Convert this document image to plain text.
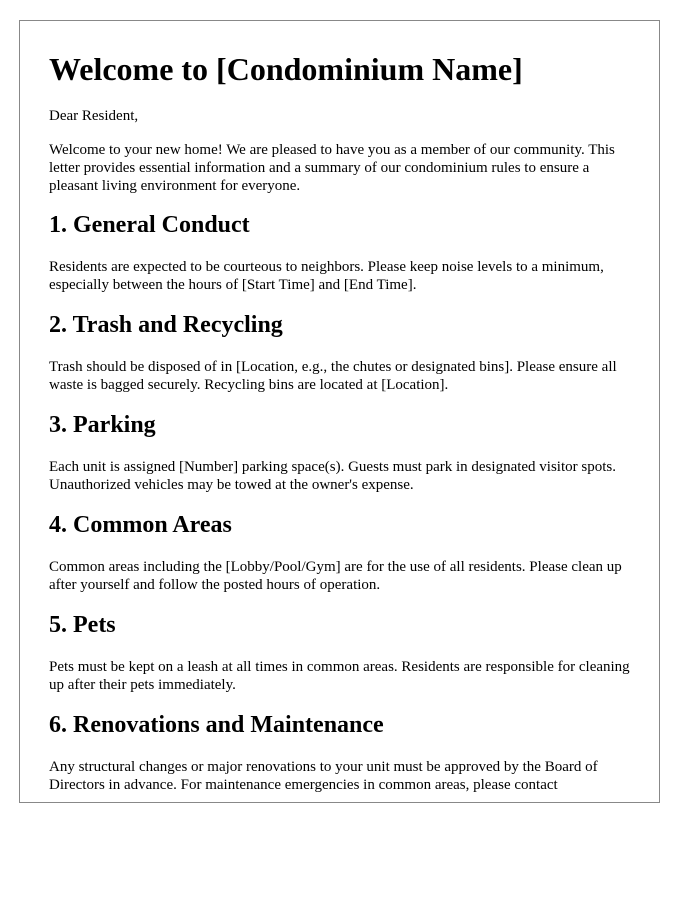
Welcome to [Condominium Name]

Dear Resident,

Welcome to your new home! We are pleased to have you as a member of our community. This letter provides essential information and a summary of our condominium rules to ensure a pleasant living environment for everyone.

1. General Conduct

Residents are expected to be courteous to neighbors. Please keep noise levels to a minimum, especially between the hours of [Start Time] and [End Time].

2. Trash and Recycling

Trash should be disposed of in [Location, e.g., the chutes or designated bins]. Please ensure all waste is bagged securely. Recycling bins are located at [Location].

3. Parking

Each unit is assigned [Number] parking space(s). Guests must park in designated visitor spots. Unauthorized vehicles may be towed at the owner's expense.

4. Common Areas

Common areas including the [Lobby/Pool/Gym] are for the use of all residents. Please clean up after yourself and follow the posted hours of operation.

5. Pets

Pets must be kept on a leash at all times in common areas. Residents are responsible for cleaning up after their pets immediately.

6. Renovations and Maintenance

Any structural changes or major renovations to your unit must be approved by the Board of Directors in advance. For maintenance emergencies in common areas, please contact
